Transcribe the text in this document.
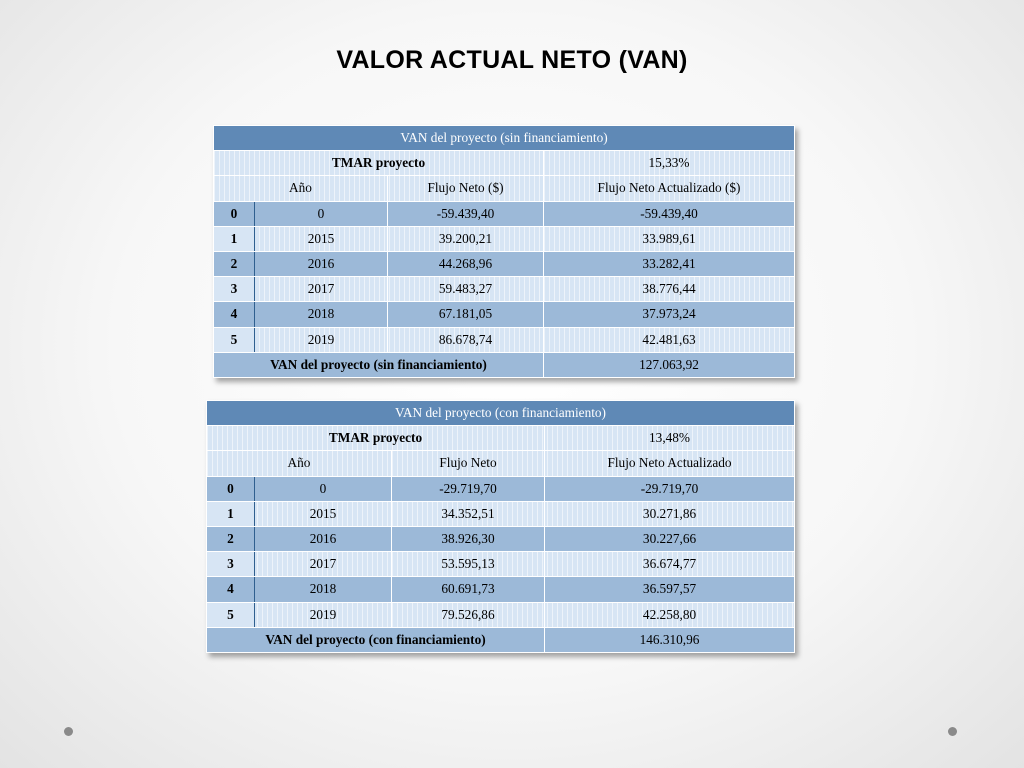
VALOR ACTUAL NETO (VAN)
VAN del proyecto (sin financiamiento)			
TMAR proyecto			15,33%
Año		Flujo Neto ($)	Flujo Neto Actualizado ($)
0	0	-59.439,40	-59.439,40
1	2015	39.200,21	33.989,61
2	2016	44.268,96	33.282,41
3	2017	59.483,27	38.776,44
4	2018	67.181,05	37.973,24
5	2019	86.678,74	42.481,63
VAN del proyecto (sin financiamiento)			127.063,92
VAN del proyecto (con financiamiento)			
TMAR proyecto			13,48%
Año		Flujo Neto	Flujo Neto Actualizado
0	0	-29.719,70	-29.719,70
1	2015	34.352,51	30.271,86
2	2016	38.926,30	30.227,66
3	2017	53.595,13	36.674,77
4	2018	60.691,73	36.597,57
5	2019	79.526,86	42.258,80
VAN del proyecto (con financiamiento)			146.310,96
